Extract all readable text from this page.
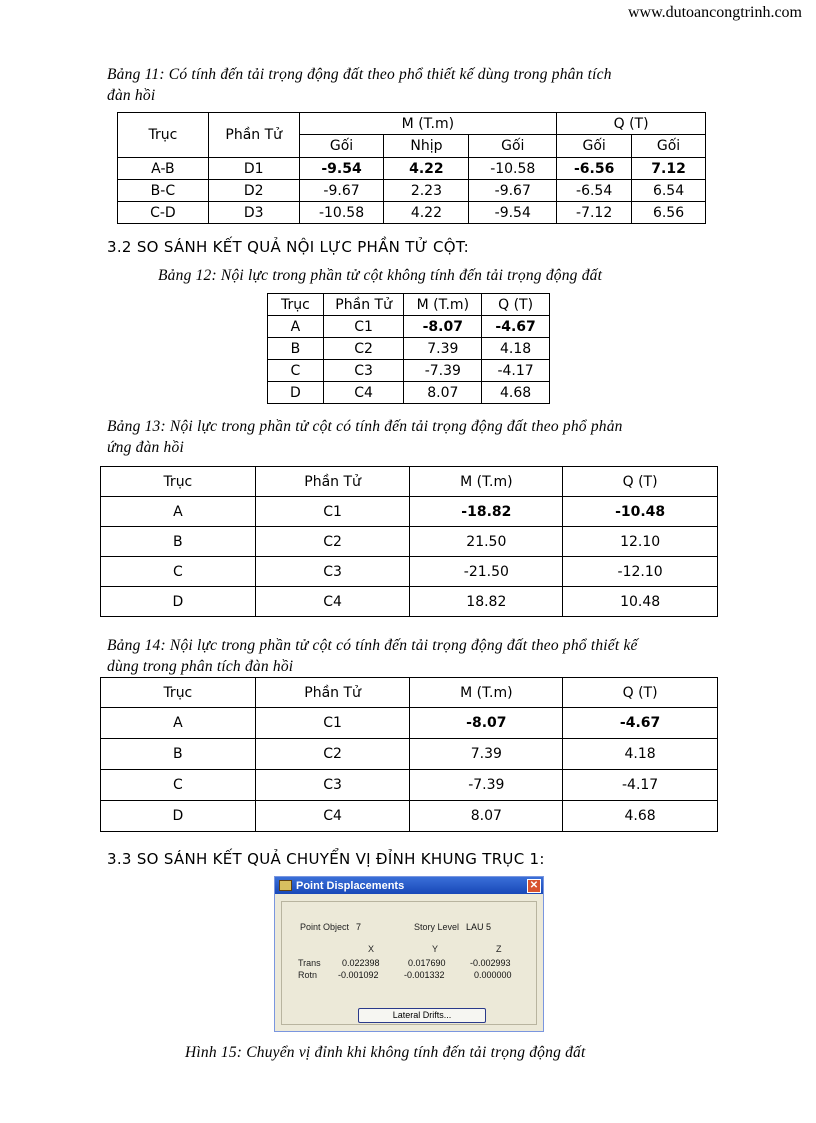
www.dutoancongtrinh.com
Bảng 11: Có tính đến tải trọng động đất theo phổ thiết kế dùng trong phân tích
đàn hồi
Trục	Phần Tử	M (T.m)			Q (T)	
		Gối	Nhịp	Gối	Gối	Gối
A-B	D1	-9.54	4.22	-10.58	-6.56	7.12
B-C	D2	-9.67	2.23	-9.67	-6.54	6.54
C-D	D3	-10.58	4.22	-9.54	-7.12	6.56
3.2 SO SÁNH KẾT QUẢ NỘI LỰC PHẦN TỬ CỘT:
Bảng 12: Nội lực trong phần tử cột không tính đến tải trọng động đất
Trục	Phần Tử	M (T.m)	Q (T)
A	C1	-8.07	-4.67
B	C2	7.39	4.18
C	C3	-7.39	-4.17
D	C4	8.07	4.68
Bảng 13: Nội lực trong phần tử cột có tính đến tải trọng động đất theo phổ phản
ứng đàn hồi
Trục	Phần Tử	M (T.m)	Q (T)
A	C1	-18.82	-10.48
B	C2	21.50	12.10
C	C3	-21.50	-12.10
D	C4	18.82	10.48
Bảng 14: Nội lực trong phần tử cột có tính đến tải trọng động đất theo phổ thiết kế
dùng trong phân tích đàn hồi
Trục	Phần Tử	M (T.m)	Q (T)
A	C1	-8.07	-4.67
B	C2	7.39	4.18
C	C3	-7.39	-4.17
D	C4	8.07	4.68
3.3 SO SÁNH KẾT QUẢ CHUYỂN VỊ ĐỈNH KHUNG TRỤC 1:
Point Displacements	✕
Point Object 7	Story Level LAU 5
X	Y	Z
Trans 0.022398	0.017690	-0.002993
Rotn -0.001092	-0.001332	0.000000
Lateral Drifts...
Hình 15: Chuyển vị đỉnh khi không tính đến tải trọng động đất
